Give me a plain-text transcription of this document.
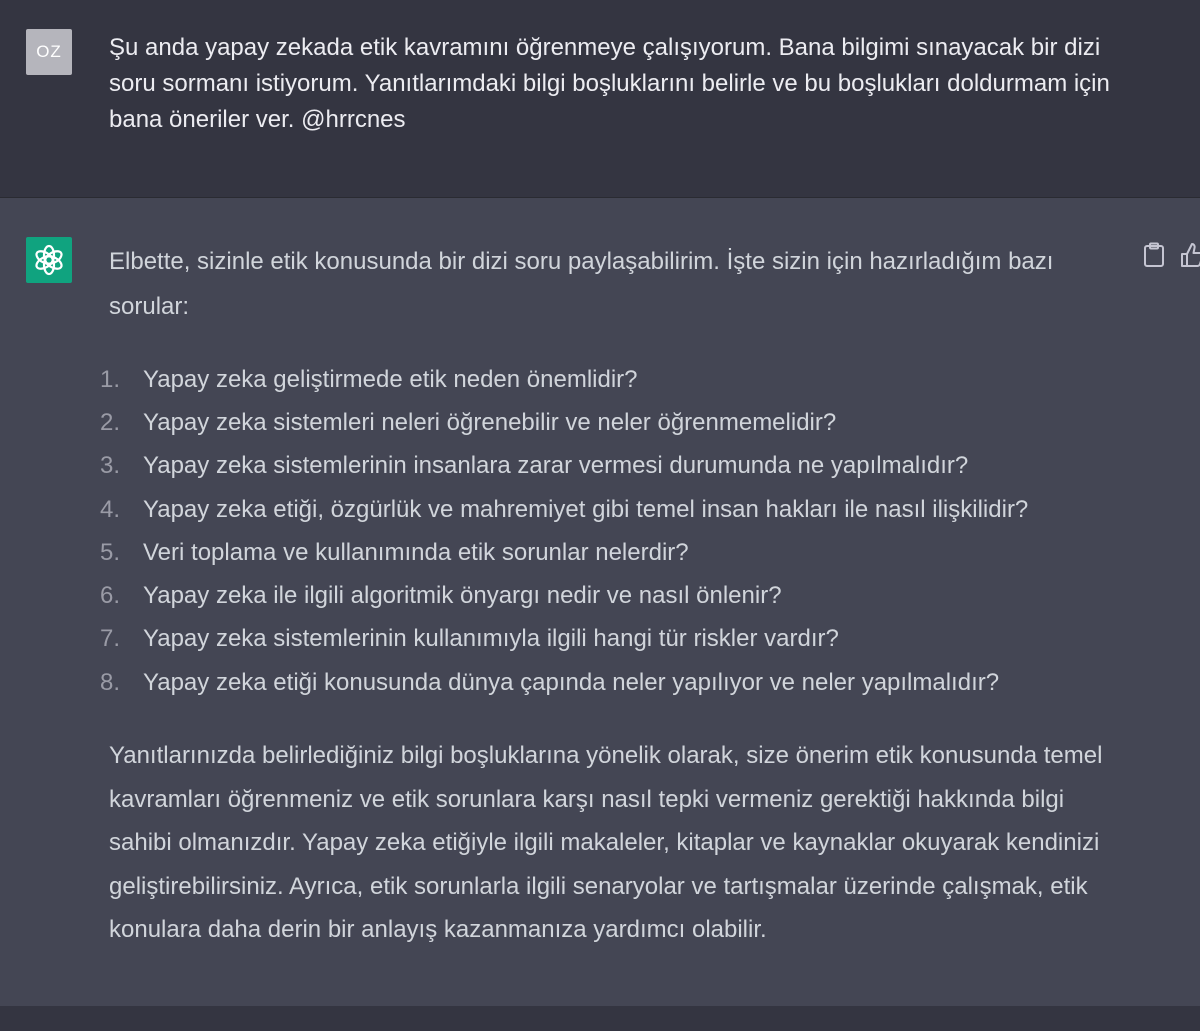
OZ Şu anda yapay zekada etik kavramını öğrenmeye çalışıyorum. Bana bilgimi sınayacak bir dizi soru sormanı istiyorum. Yanıtlarımdaki bilgi boşluklarını belirle ve bu boşlukları doldurmam için bana öneriler ver. @hrrcnes
Elbette, sizinle etik konusunda bir dizi soru paylaşabilirim. İşte sizin için hazırladığım bazı sorular:
1. Yapay zeka geliştirmede etik neden önemlidir?
2. Yapay zeka sistemleri neleri öğrenebilir ve neler öğrenmemelidir?
3. Yapay zeka sistemlerinin insanlara zarar vermesi durumunda ne yapılmalıdır?
4. Yapay zeka etiği, özgürlük ve mahremiyet gibi temel insan hakları ile nasıl ilişkilidir?
5. Veri toplama ve kullanımında etik sorunlar nelerdir?
6. Yapay zeka ile ilgili algoritmik önyargı nedir ve nasıl önlenir?
7. Yapay zeka sistemlerinin kullanımıyla ilgili hangi tür riskler vardır?
8. Yapay zeka etiği konusunda dünya çapında neler yapılıyor ve neler yapılmalıdır?
Yanıtlarınızda belirlediğiniz bilgi boşluklarına yönelik olarak, size önerim etik konusunda temel kavramları öğrenmeniz ve etik sorunlara karşı nasıl tepki vermeniz gerektiği hakkında bilgi sahibi olmanızdır. Yapay zeka etiğiyle ilgili makaleler, kitaplar ve kaynaklar okuyarak kendinizi geliştirebilirsiniz. Ayrıca, etik sorunlarla ilgili senaryolar ve tartışmalar üzerinde çalışmak, etik konulara daha derin bir anlayış kazanmanıza yardımcı olabilir.
